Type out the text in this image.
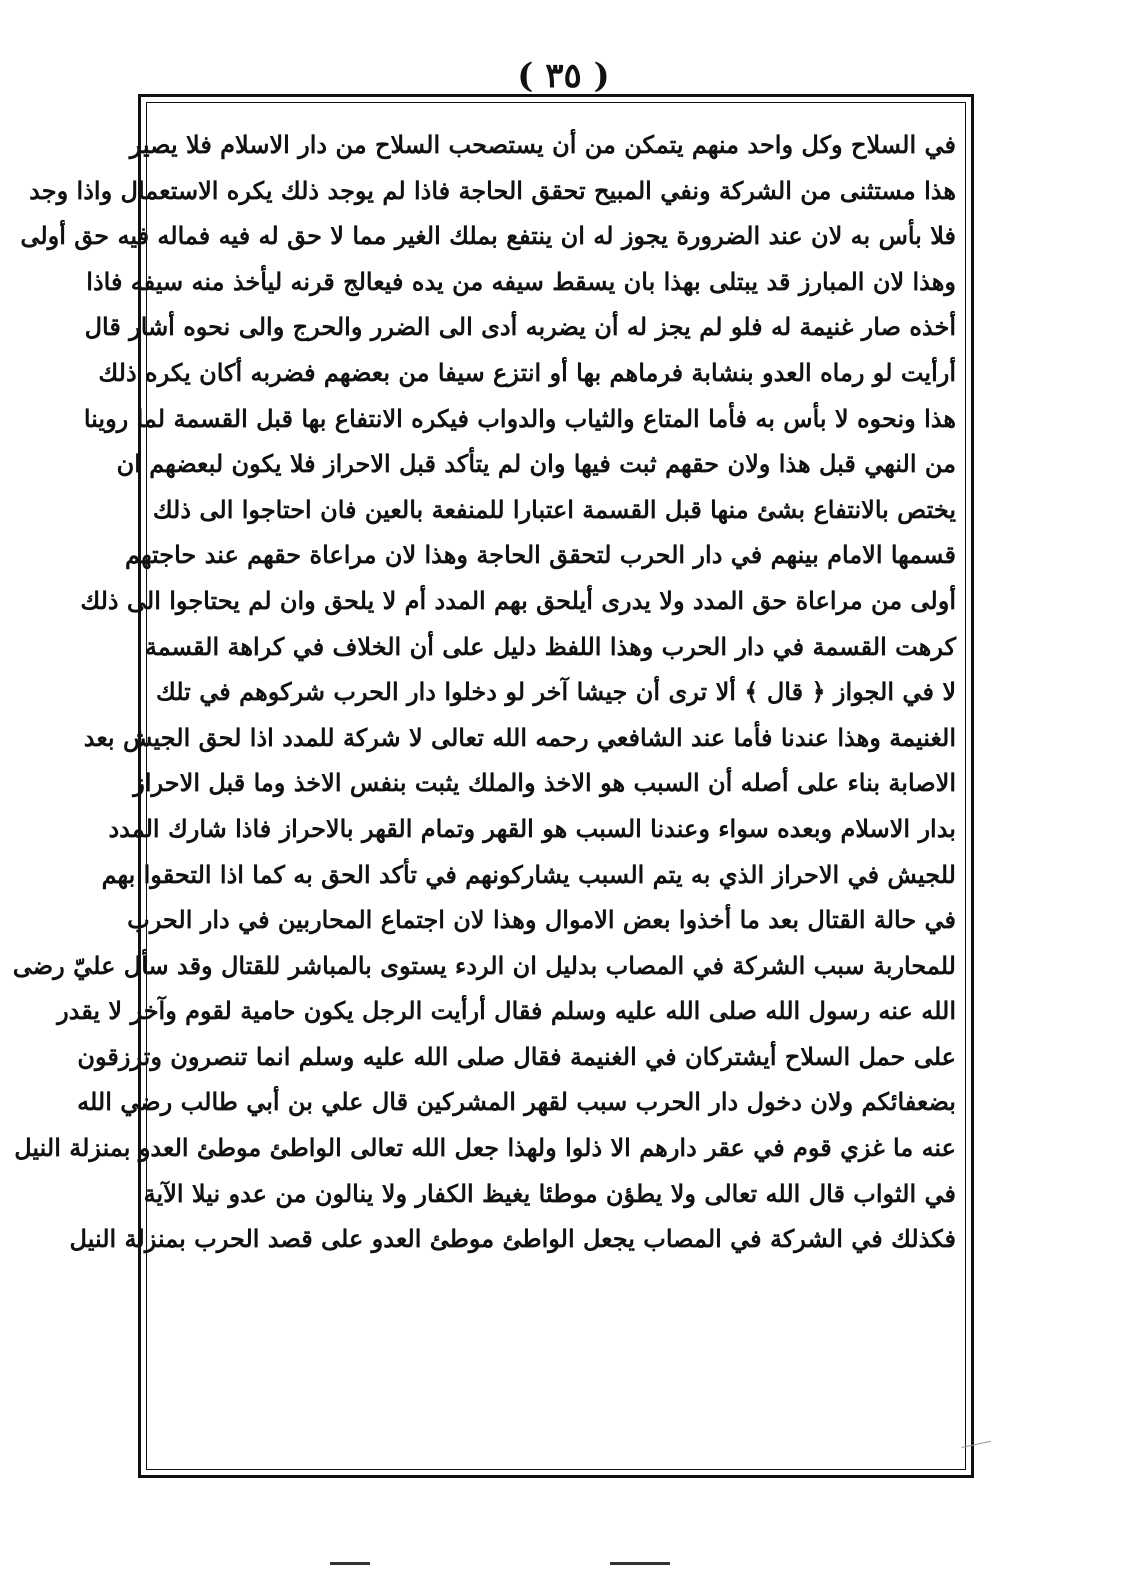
( ٣٥ )
في السلاح وكل واحد منهم يتمكن من أن يستصحب السلاح من دار الاسلام فلا يصير
هذا مستثنى من الشركة ونفي المبيح تحقق الحاجة فاذا لم يوجد ذلك يكره الاستعمال واذا وجد
فلا بأس به لان عند الضرورة يجوز له ان ينتفع بملك الغير مما لا حق له فيه فماله فيه حق أولى
وهذا لان المبارز قد يبتلى بهذا بان يسقط سيفه من يده فيعالج قرنه ليأخذ منه سيفه فاذا
أخذه صار غنيمة له فلو لم يجز له أن يضربه أدى الى الضرر والحرج والى نحوه أشار قال
أرأيت لو رماه العدو بنشابة فرماهم بها أو انتزع سيفا من بعضهم فضربه أكان يكره ذلك
هذا ونحوه لا بأس به فأما المتاع والثياب والدواب فيكره الانتفاع بها قبل القسمة لما روينا
من النهي قبل هذا ولان حقهم ثبت فيها وان لم يتأكد قبل الاحراز فلا يكون لبعضهم ان
يختص بالانتفاع بشئ منها قبل القسمة اعتبارا للمنفعة بالعين فان احتاجوا الى ذلك
قسمها الامام بينهم في دار الحرب لتحقق الحاجة وهذا لان مراعاة حقهم عند حاجتهم
أولى من مراعاة حق المدد ولا يدرى أيلحق بهم المدد أم لا يلحق وان لم يحتاجوا الى ذلك
كرهت القسمة في دار الحرب وهذا اللفظ دليل على أن الخلاف في كراهة القسمة
لا في الجواز ﴿ قال ﴾ ألا ترى أن جيشا آخر لو دخلوا دار الحرب شركوهم في تلك
الغنيمة وهذا عندنا فأما عند الشافعي رحمه الله تعالى لا شركة للمدد اذا لحق الجيش بعد
الاصابة بناء على أصله أن السبب هو الاخذ والملك يثبت بنفس الاخذ وما قبل الاحراز
بدار الاسلام وبعده سواء وعندنا السبب هو القهر وتمام القهر بالاحراز فاذا شارك المدد
للجيش في الاحراز الذي به يتم السبب يشاركونهم في تأكد الحق به كما اذا التحقوا بهم
في حالة القتال بعد ما أخذوا بعض الاموال وهذا لان اجتماع المحاربين في دار الحرب
للمحاربة سبب الشركة في المصاب بدليل ان الردء يستوى بالمباشر للقتال وقد سأل عليّ رضى
الله عنه رسول الله صلى الله عليه وسلم فقال أرأيت الرجل يكون حامية لقوم وآخر لا يقدر
على حمل السلاح أيشتركان في الغنيمة فقال صلى الله عليه وسلم انما تنصرون وترزقون
بضعفائكم ولان دخول دار الحرب سبب لقهر المشركين قال علي بن أبي طالب رضي الله
عنه ما غزي قوم في عقر دارهم الا ذلوا ولهذا جعل الله تعالى الواطئ موطئ العدو بمنزلة النيل
في الثواب قال الله تعالى ولا يطؤن موطئا يغيظ الكفار ولا ينالون من عدو نيلا الآية
فكذلك في الشركة في المصاب يجعل الواطئ موطئ العدو على قصد الحرب بمنزلة النيل
